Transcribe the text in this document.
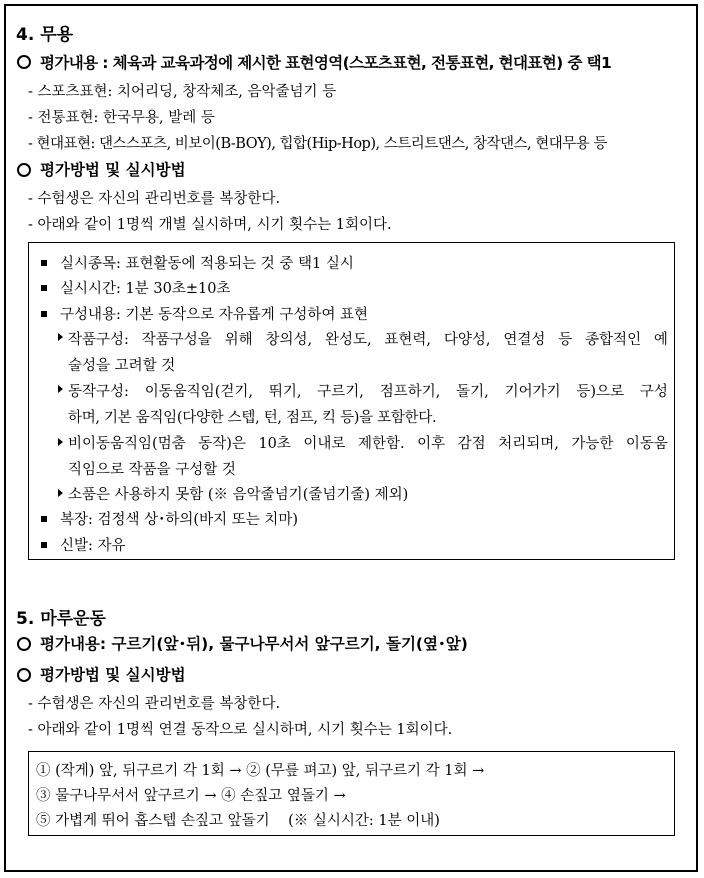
4. 무용
평가내용 : 체육과 교육과정에 제시한 표현영역(스포츠표현, 전통표현, 현대표현) 중 택1
- 스포츠표현: 치어리딩, 창작체조, 음악줄넘기 등
- 전통표현: 한국무용, 발레 등
- 현대표현: 댄스스포츠, 비보이(B-BOY), 힙합(Hip-Hop), 스트리트댄스, 창작댄스, 현대무용 등
평가방법 및 실시방법
- 수험생은 자신의 관리번호를 복창한다.
- 아래와 같이 1명씩 개별 실시하며, 시기 횟수는 1회이다.
실시종목: 표현활동에 적용되는 것 중 택1 실시
실시시간: 1분 30초±10초
구성내용: 기본 동작으로 자유롭게 구성하여 표현
작품구성: 작품구성을 위해 창의성, 완성도, 표현력, 다양성, 연결성 등 종합적인 예
술성을 고려할 것
동작구성: 이동움직임(걷기, 뛰기, 구르기, 점프하기, 돌기, 기어가기 등)으로 구성
하며, 기본 움직임(다양한 스텝, 턴, 점프, 킥 등)을 포함한다.
비이동움직임(멈춤 동작)은 10초 이내로 제한함. 이후 감점 처리되며, 가능한 이동움
직임으로 작품을 구성할 것
소품은 사용하지 못함 (※ 음악줄넘기(줄넘기줄) 제외)
복장: 검정색 상･하의(바지 또는 치마)
신발: 자유
5. 마루운동
평가내용: 구르기(앞･뒤), 물구나무서서 앞구르기, 돌기(옆･앞)
평가방법 및 실시방법
- 수험생은 자신의 관리번호를 복창한다.
- 아래와 같이 1명씩 연결 동작으로 실시하며, 시기 횟수는 1회이다.
① (작게) 앞, 뒤구르기 각 1회 → ② (무릎 펴고) 앞, 뒤구르기 각 1회 →
③ 물구나무서서 앞구르기 → ④ 손짚고 옆돌기 →
⑤ 가볍게 뛰어 홉스텝 손짚고 앞돌기    (※ 실시시간: 1분 이내)
